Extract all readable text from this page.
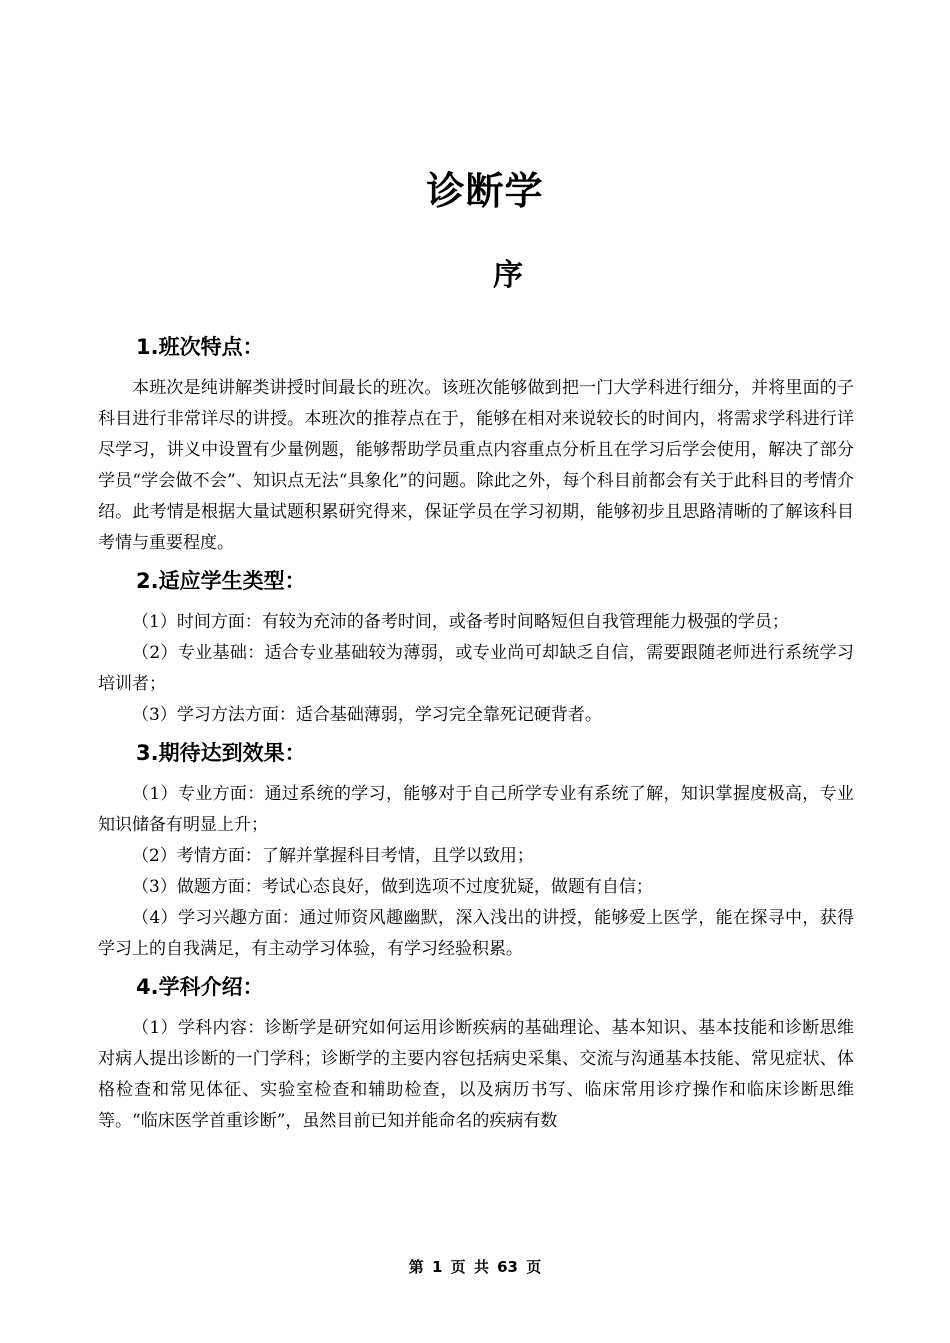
诊断学
序
1.班次特点：

本班次是纯讲解类讲授时间最长的班次。该班次能够做到把一门大学科进行细分，并将里面的子科目进行非常详尽的讲授。本班次的推荐点在于，能够在相对来说较长的时间内，将需求学科进行详尽学习，讲义中设置有少量例题，能够帮助学员重点内容重点分析且在学习后学会使用，解决了部分学员“学会做不会”、知识点无法“具象化”的问题。除此之外，每个科目前都会有关于此科目的考情介绍。此考情是根据大量试题积累研究得来，保证学员在学习初期，能够初步且思路清晰的了解该科目考情与重要程度。

2.适应学生类型：

（1）时间方面：有较为充沛的备考时间，或备考时间略短但自我管理能力极强的学员；

（2）专业基础：适合专业基础较为薄弱，或专业尚可却缺乏自信，需要跟随老师进行系统学习培训者；

（3）学习方法方面：适合基础薄弱，学习完全靠死记硬背者。

3.期待达到效果：

（1）专业方面：通过系统的学习，能够对于自己所学专业有系统了解，知识掌握度极高，专业知识储备有明显上升；

（2）考情方面：了解并掌握科目考情，且学以致用；

（3）做题方面：考试心态良好，做到选项不过度犹疑，做题有自信；

（4）学习兴趣方面：通过师资风趣幽默，深入浅出的讲授，能够爱上医学，能在探寻中，获得学习上的自我满足，有主动学习体验，有学习经验积累。

4.学科介绍：

（1）学科内容：诊断学是研究如何运用诊断疾病的基础理论、基本知识、基本技能和诊断思维对病人提出诊断的一门学科；诊断学的主要内容包括病史采集、交流与沟通基本技能、常见症状、体格检查和常见体征、实验室检查和辅助检查，以及病历书写、临床常用诊疗操作和临床诊断思维等。“临床医学首重诊断”，虽然目前已知并能命名的疾病有数

第 1 页 共 63 页
